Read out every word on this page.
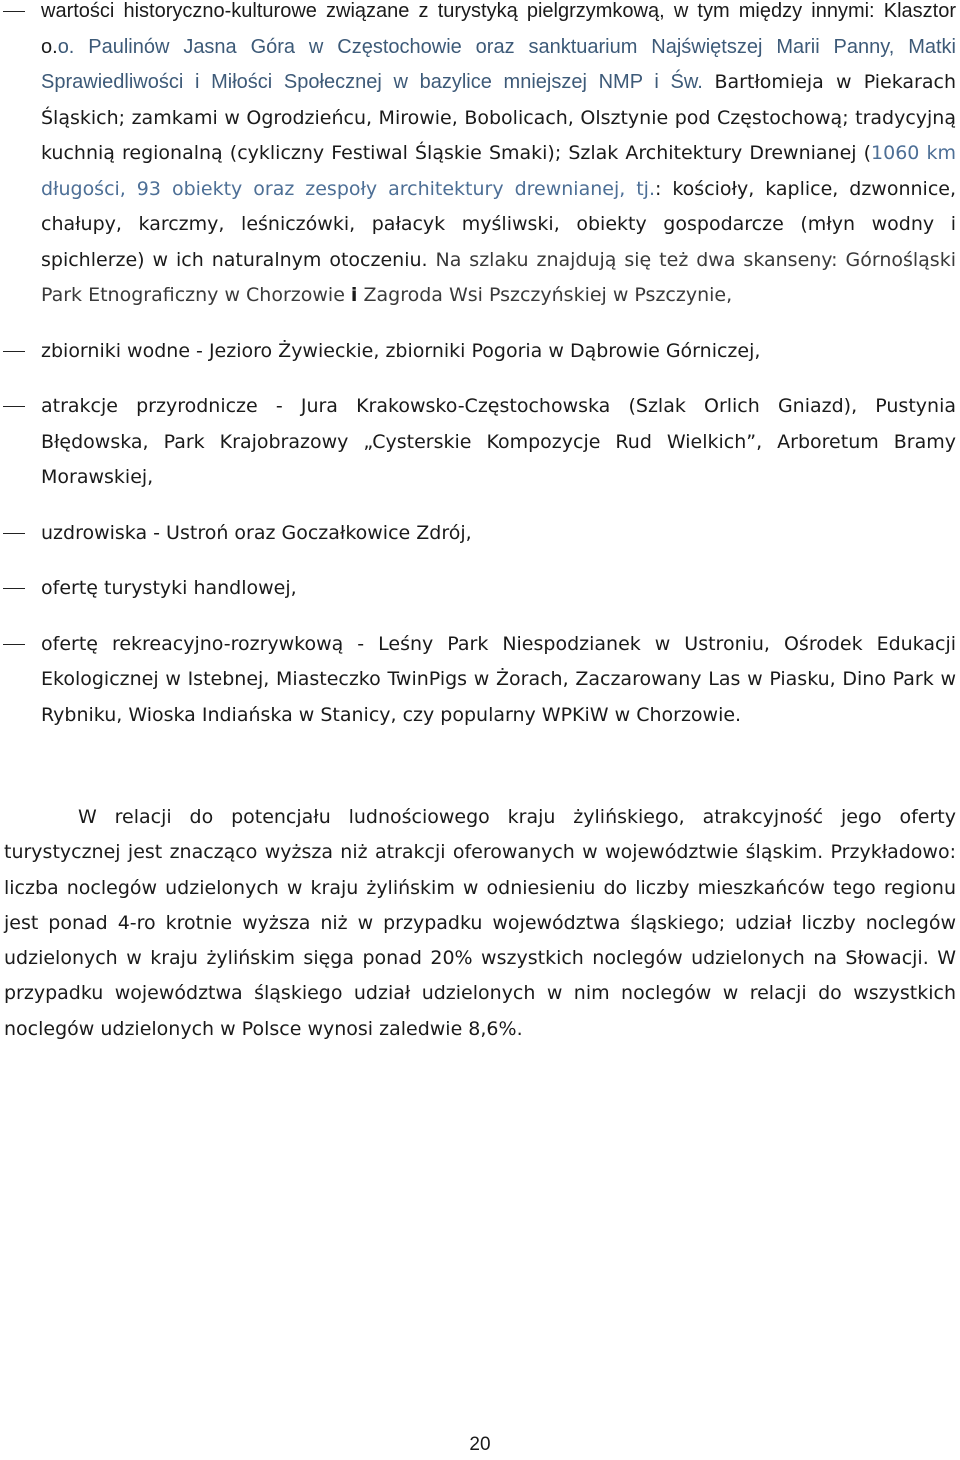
wartości historyczno-kulturowe związane z turystyką pielgrzymkową, w tym między innymi: Klasztor o.o. Paulinów Jasna Góra w Częstochowie oraz sanktuarium Najświętszej Marii Panny, Matki Sprawiedliwości i Miłości Społecznej w bazylice mniejszej NMP i Św. Bartłomieja w Piekarach Śląskich; zamkami w Ogrodzieńcu, Mirowie, Bobolicach, Olsztynie pod Częstochową; tradycyjną kuchnią regionalną (cykliczny Festiwal Śląskie Smaki); Szlak Architektury Drewnianej (1060 km długości, 93 obiekty oraz zespoły architektury drewnianej, tj.: kościoły, kaplice, dzwonnice, chałupy, karczmy, leśniczówki, pałacyk myśliwski, obiekty gospodarcze (młyn wodny i spichlerze) w ich naturalnym otoczeniu. Na szlaku znajdują się też dwa skanseny: Górnośląski Park Etnograficzny w Chorzowie i Zagroda Wsi Pszczyńskiej w Pszczynie,
zbiorniki wodne - Jezioro Żywieckie, zbiorniki Pogoria w Dąbrowie Górniczej,
atrakcje przyrodnicze - Jura Krakowsko-Częstochowska (Szlak Orlich Gniazd), Pustynia Błędowska, Park Krajobrazowy „Cysterskie Kompozycje Rud Wielkich”, Arboretum Bramy Morawskiej,
uzdrowiska - Ustroń oraz Goczałkowice Zdrój,
ofertę turystyki handlowej,
ofertę rekreacyjno-rozrywkową - Leśny Park Niespodzianek w Ustroniu, Ośrodek Edukacji Ekologicznej w Istebnej, Miasteczko TwinPigs w Żorach, Zaczarowany Las w Piasku, Dino Park w Rybniku, Wioska Indiańska w Stanicy, czy popularny WPKiW w Chorzowie.
W relacji do potencjału ludnościowego kraju żylińskiego, atrakcyjność jego oferty turystycznej jest znacząco wyższa niż atrakcji oferowanych w województwie śląskim. Przykładowo: liczba noclegów udzielonych w kraju żylińskim w odniesieniu do liczby mieszkańców tego regionu jest ponad 4-ro krotnie wyższa niż w przypadku województwa śląskiego; udział liczby noclegów udzielonych w kraju żylińskim sięga ponad 20% wszystkich noclegów udzielonych na Słowacji. W przypadku województwa śląskiego udział udzielonych w nim noclegów w relacji do wszystkich noclegów udzielonych w Polsce wynosi zaledwie 8,6%.
20
